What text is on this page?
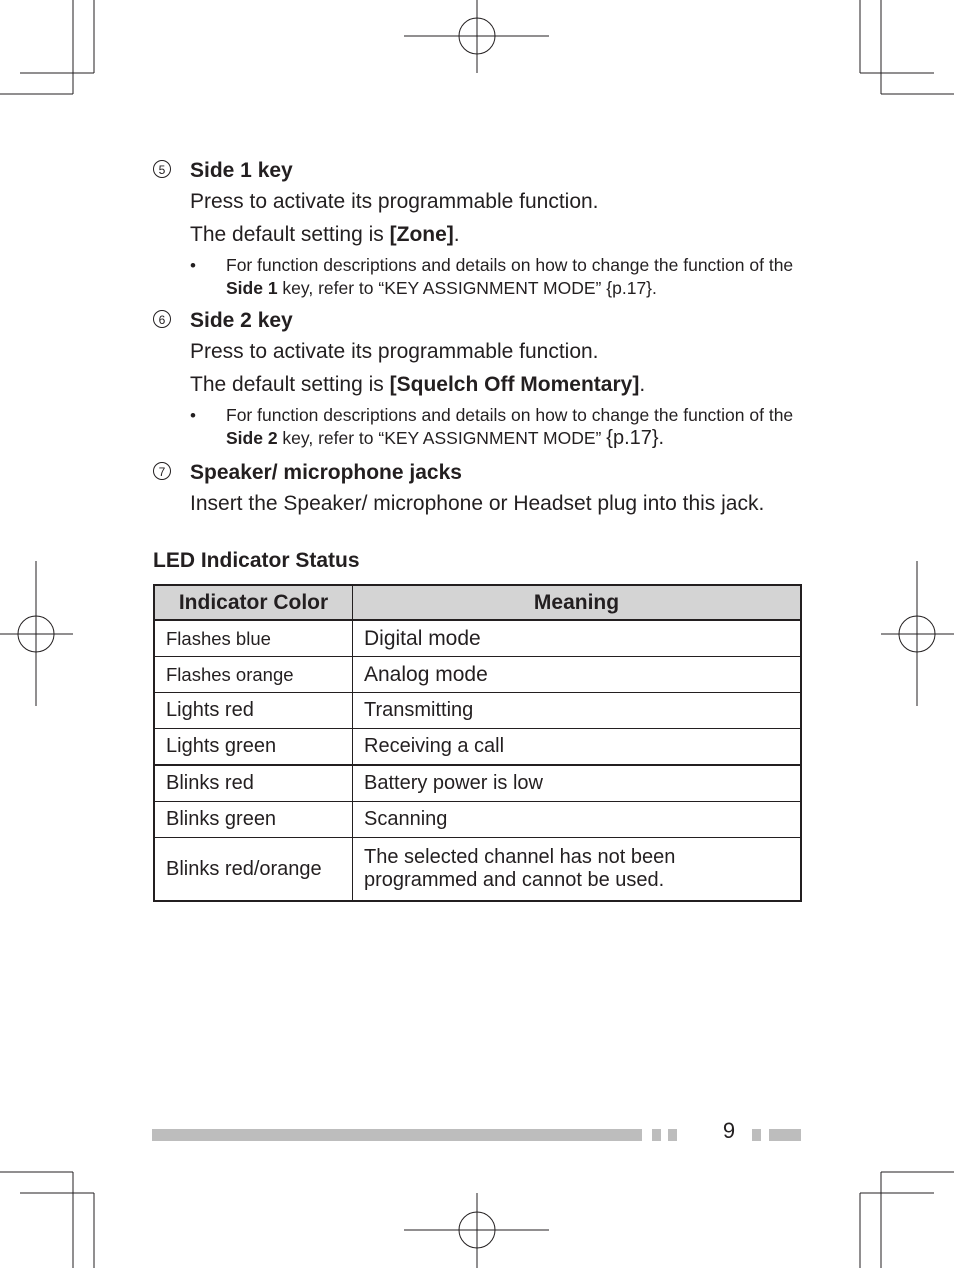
5 Side 1 key
Press to activate its programmable function.
The default setting is [Zone].
• For function descriptions and details on how to change the function of the Side 1 key, refer to “KEY ASSIGNMENT MODE” {p.17}.
6 Side 2 key
Press to activate its programmable function.
The default setting is [Squelch Off Momentary].
• For function descriptions and details on how to change the function of the Side 2 key, refer to “KEY ASSIGNMENT MODE” {p.17}.
7 Speaker/ microphone jacks
Insert the Speaker/ microphone or Headset plug into this jack.
LED Indicator Status
Indicator Color	Meaning
Flashes blue	Digital mode
Flashes orange	Analog mode
Lights red	Transmitting
Lights green	Receiving a call
Blinks red	Battery power is low
Blinks green	Scanning
Blinks red/orange	The selected channel has not been programmed and cannot be used.
9
